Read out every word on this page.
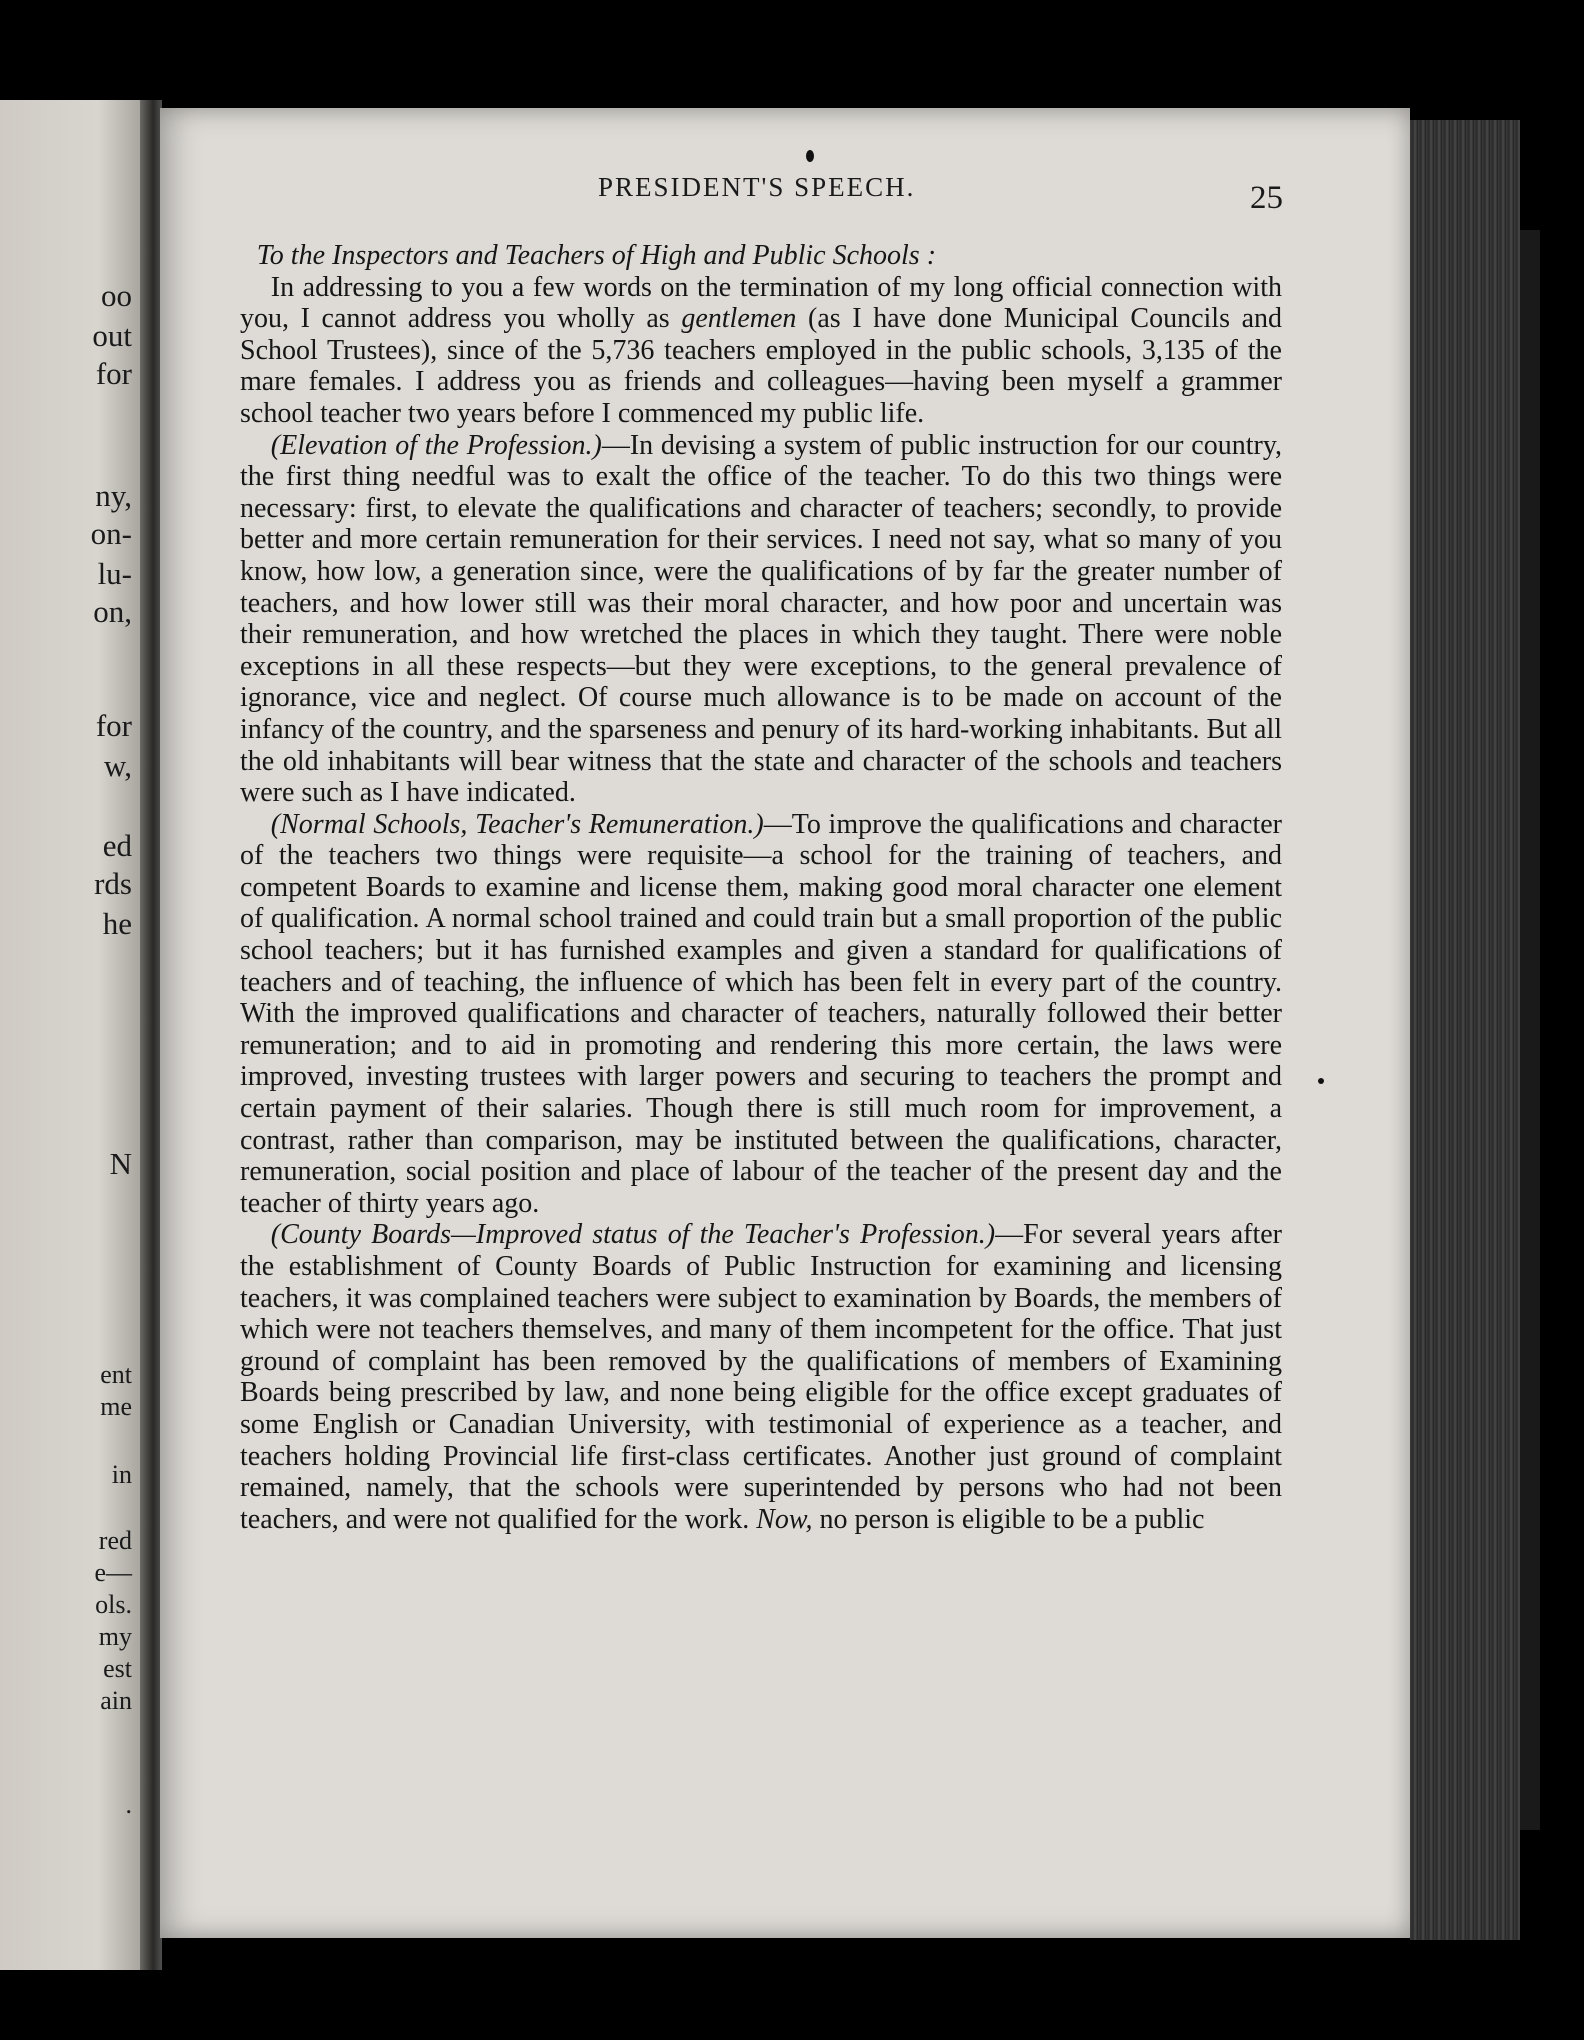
oo
out
for
ny,
on-
lu-
on,
for
w,
ed
rds
he
N
ent
me
in
red
e—
ols.
my
est
ain
.
PRESIDENT'S SPEECH.	25

To the Inspectors and Teachers of High and Public Schools :

In addressing to you a few words on the termination of my long official connection with you, I cannot address you wholly as gentlemen (as I have done Municipal Councils and School Trustees), since of the 5,736 teachers employed in the public schools, 3,135 of the mare females. I address you as friends and colleagues—having been myself a grammer school teacher two years before I commenced my public life.

(Elevation of the Profession.)—In devising a system of public instruction for our country, the first thing needful was to exalt the office of the teacher. To do this two things were necessary: first, to elevate the qualifications and character of teachers; secondly, to provide better and more certain remuneration for their services. I need not say, what so many of you know, how low, a generation since, were the qualifications of by far the greater number of teachers, and how lower still was their moral character, and how poor and uncertain was their remuneration, and how wretched the places in which they taught. There were noble exceptions in all these respects—but they were exceptions, to the general prevalence of ignorance, vice and neglect. Of course much allowance is to be made on account of the infancy of the country, and the sparseness and penury of its hard-working inhabitants. But all the old inhabitants will bear witness that the state and character of the schools and teachers were such as I have indicated.

(Normal Schools, Teacher's Remuneration.)—To improve the qualifications and character of the teachers two things were requisite—a school for the training of teachers, and competent Boards to examine and license them, making good moral character one element of qualification. A normal school trained and could train but a small proportion of the public school teachers; but it has furnished examples and given a standard for qualifications of teachers and of teaching, the influence of which has been felt in every part of the country. With the improved qualifications and character of teachers, naturally followed their better remuneration; and to aid in promoting and rendering this more certain, the laws were improved, investing trustees with larger powers and securing to teachers the prompt and certain payment of their salaries. Though there is still much room for improvement, a contrast, rather than comparison, may be instituted between the qualifications, character, remuneration, social position and place of labour of the teacher of the present day and the teacher of thirty years ago.

(County Boards—Improved status of the Teacher's Profession.)—For several years after the establishment of County Boards of Public Instruction for examining and licensing teachers, it was complained teachers were subject to examination by Boards, the members of which were not teachers themselves, and many of them incompetent for the office. That just ground of complaint has been removed by the qualifications of members of Examining Boards being prescribed by law, and none being eligible for the office except graduates of some English or Canadian University, with testimonial of experience as a teacher, and teachers holding Provincial life first-class certificates. Another just ground of complaint remained, namely, that the schools were superintended by persons who had not been teachers, and were not qualified for the work. Now, no person is eligible to be a public
